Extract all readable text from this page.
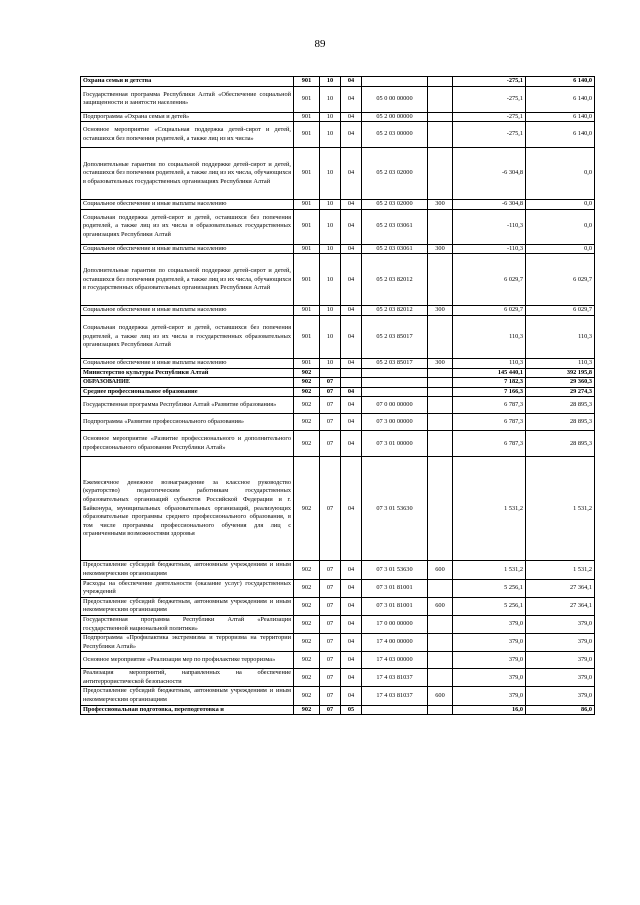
89
Охрана семьи и детства	901	10	04			-275,1	6 140,0
Государственная программа Республики Алтай «Обеспечение социальной защищенности и занятости населения»	901	10	04	05 0 00 00000		-275,1	6 140,0
Подпрограмма «Охрана семьи и детей»	901	10	04	05 2 00 00000		-275,1	6 140,0
Основное мероприятие «Социальная поддержка детей-сирот и детей, оставшихся без попечения родителей, а также лиц из их числа»	901	10	04	05 2 03 00000		-275,1	6 140,0
Дополнительные гарантии по социальной поддержке детей-сирот и детей, оставшихся без попечения родителей, а также лиц из их числа, обучающихся в образовательных государственных организациях Республики Алтай	901	10	04	05 2 03 02000		-6 304,8	0,0
Социальное обеспечение и иные выплаты населению	901	10	04	05 2 03 02000	300	-6 304,8	0,0
Социальная поддержка детей-сирот и детей, оставшихся без попечения родителей, а также лиц из их числа в образовательных государственных организациях Республики Алтай	901	10	04	05 2 03 03061		-110,3	0,0
Социальное обеспечение и иные выплаты населению	901	10	04	05 2 03 03061	300	-110,3	0,0
Дополнительные гарантии по социальной поддержке детей-сирот и детей, оставшихся без попечения родителей, а также лиц из их числа, обучающихся в государственных образовательных организациях Республики Алтай	901	10	04	05 2 03 82012		6 029,7	6 029,7
Социальное обеспечение и иные выплаты населению	901	10	04	05 2 03 82012	300	6 029,7	6 029,7
Социальная поддержка детей-сирот и детей, оставшихся без попечения родителей, а также лиц из их числа в государственных образовательных организациях Республики Алтай	901	10	04	05 2 03 85017		110,3	110,3
Социальное обеспечение и иные выплаты населению	901	10	04	05 2 03 85017	300	110,3	110,3
Министерство культуры Республики Алтай	902					145 440,1	392 195,8
ОБРАЗОВАНИЕ	902	07				7 182,3	29 360,3
Среднее профессиональное образование	902	07	04			7 166,3	29 274,3
Государственная программа Республики Алтай «Развитие образования»	902	07	04	07 0 00 00000		6 787,3	28 895,3
Подпрограмма «Развитие профессионального образования»	902	07	04	07 3 00 00000		6 787,3	28 895,3
Основное мероприятие «Развитие профессионального и дополнительного профессионального образования Республики Алтай»	902	07	04	07 3 01 00000		6 787,3	28 895,3
Ежемесячное денежное вознаграждение за классное руководство (кураторство) педагогическим работникам государственных образовательных организаций субъектов Российской Федерации и г. Байконура, муниципальных образовательных организаций, реализующих образовательные программы среднего профессионального образования, в том числе программы профессионального обучения для лиц с ограниченными возможностями здоровья	902	07	04	07 3 01 53630		1 531,2	1 531,2
Предоставление субсидий бюджетным, автономным учреждениям и иным некоммерческим организациям	902	07	04	07 3 01 53630	600	1 531,2	1 531,2
Расходы на обеспечение деятельности (оказание услуг) государственных учреждений	902	07	04	07 3 01 81001		5 256,1	27 364,1
Предоставление субсидий бюджетным, автономным учреждениям и иным некоммерческим организациям	902	07	04	07 3 01 81001	600	5 256,1	27 364,1
Государственная программа Республики Алтай «Реализация государственной национальной политики»	902	07	04	17 0 00 00000		379,0	379,0
Подпрограмма «Профилактика экстремизма и терроризма на территории Республики Алтай»	902	07	04	17 4 00 00000		379,0	379,0
Основное мероприятие «Реализация мер по профилактике терроризма»	902	07	04	17 4 03 00000		379,0	379,0
Реализация мероприятий, направленных на обеспечение антитеррористической безопасности	902	07	04	17 4 03 81037		379,0	379,0
Предоставление субсидий бюджетным, автономным учреждениям и иным некоммерческим организациям	902	07	04	17 4 03 81037	600	379,0	379,0
Профессиональная подготовка, переподготовка и	902	07	05			16,0	86,0
